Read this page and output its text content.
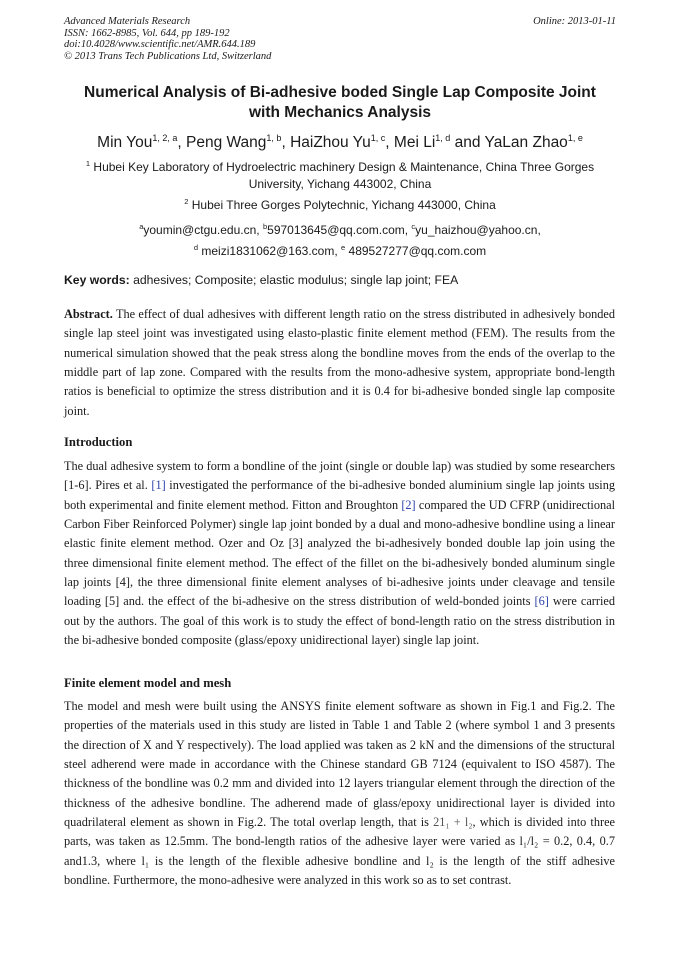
Advanced Materials Research
ISSN: 1662-8985, Vol. 644, pp 189-192
doi:10.4028/www.scientific.net/AMR.644.189
© 2013 Trans Tech Publications Ltd, Switzerland
Online: 2013-01-11
Numerical Analysis of Bi-adhesive boded Single Lap Composite Joint
with Mechanics Analysis
Min You$^{1, 2, a}$, Peng Wang$^{1, b}$, HaiZhou Yu$^{1, c}$, Mei Li$^{1, d}$ and YaLan Zhao$^{1, e}$
$^1$ Hubei Key Laboratory of Hydroelectric machinery Design & Maintenance, China Three Gorges
University, Yichang 443002, China
$^2$ Hubei Three Gorges Polytechnic, Yichang 443000, China
$^a$youmin@ctgu.edu.cn, $^b$597013645@qq.com.com, $^c$yu_haizhou@yahoo.cn,
$^d$ meizi1831062@163.com, $^e$ 489527277@qq.com.com
Key words: adhesives; Composite; elastic modulus; single lap joint; FEA
Abstract. The effect of dual adhesives with different length ratio on the stress distributed in adhesively bonded single lap steel joint was investigated using elasto-plastic finite element method (FEM). The results from the numerical simulation showed that the peak stress along the bondline moves from the ends of the overlap to the middle part of lap zone. Compared with the results from the mono-adhesive system, appropriate bond-length ratios is beneficial to optimize the stress distribution and it is 0.4 for bi-adhesive bonded single lap composite joint.
Introduction
The dual adhesive system to form a bondline of the joint (single or double lap) was studied by some researchers [1-6]. Pires et al. [1] investigated the performance of the bi-adhesive bonded aluminium single lap joints using both experimental and finite element method. Fitton and Broughton [2] compared the UD CFRP (unidirectional Carbon Fiber Reinforced Polymer) single lap joint bonded by a dual and mono-adhesive bondline using a linear elastic finite element method. Ozer and Oz [3] analyzed the bi-adhesively bonded double lap join using the three dimensional finite element method. The effect of the fillet on the bi-adhesively bonded aluminum single lap joints [4], the three dimensional finite element analyses of bi-adhesive joints under cleavage and tensile loading [5] and. the effect of the bi-adhesive on the stress distribution of weld-bonded joints [6] were carried out by the authors. The goal of this work is to study the effect of bond-length ratio on the stress distribution in the bi-adhesive bonded composite (glass/epoxy unidirectional layer) single lap joint.
Finite element model and mesh
The model and mesh were built using the ANSYS finite element software as shown in Fig.1 and Fig.2. The properties of the materials used in this study are listed in Table 1 and Table 2 (where symbol 1 and 3 presents the direction of X and Y respectively). The load applied was taken as 2 kN and the dimensions of the structural steel adherend were made in accordance with the Chinese standard GB 7124 (equivalent to ISO 4587). The thickness of the bondline was 0.2 mm and divided into 12 layers triangular element through the direction of the thickness of the adhesive bondline. The adherend made of glass/epoxy unidirectional layer is divided into quadrilateral element as shown in Fig.2. The total overlap length, that is 21₁ + l₂, which is divided into three parts, was taken as 12.5mm. The bond-length ratios of the adhesive layer were varied as l₁/l₂ = 0.2, 0.4, 0.7 and1.3, where l₁ is the length of the flexible adhesive bondline and l₂ is the length of the stiff adhesive bondline. Furthermore, the mono-adhesive were analyzed in this work so as to set contrast.
